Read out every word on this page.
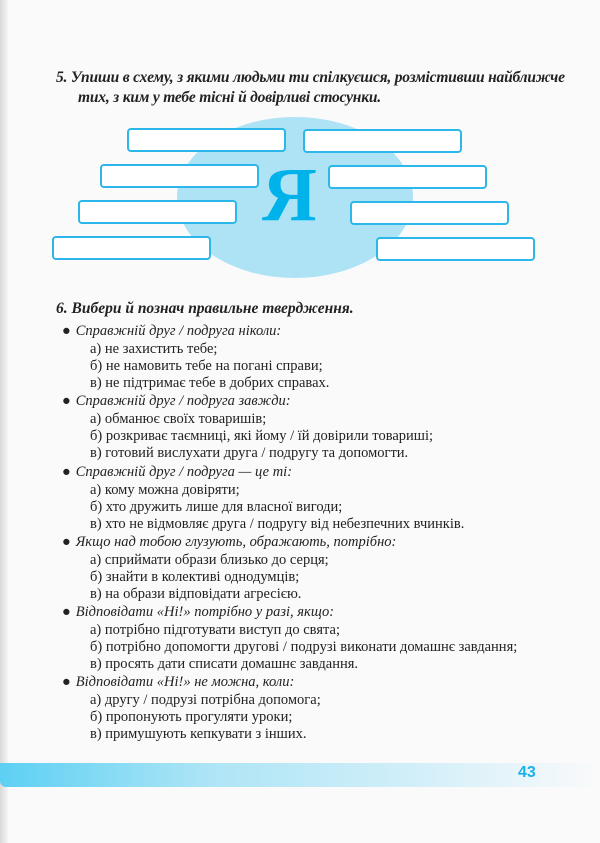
Я
5. Упиши в схему, з якими людьми ти спілкуєшся, розмістивши найближче
тих, з ким у тебе тісні й довірливі стосунки.
6. Вибери й познач правильне твердження.
● Справжній друг / подруга ніколи:
а) не захистить тебе;
б) не намовить тебе на погані справи;
в) не підтримає тебе в добрих справах.
● Справжній друг / подруга завжди:
а) обманює своїх товаришів;
б) розкриває таємниці, які йому / їй довірили товариші;
в) готовий вислухати друга / подругу та допомогти.
● Справжній друг / подруга — це ті:
а) кому можна довіряти;
б) хто дружить лише для власної вигоди;
в) хто не відмовляє друга / подругу від небезпечних вчинків.
● Якщо над тобою глузують, ображають, потрібно:
а) сприймати образи близько до серця;
б) знайти в колективі однодумців;
в) на образи відповідати агресією.
● Відповідати «Ні!» потрібно у разі, якщо:
а) потрібно підготувати виступ до свята;
б) потрібно допомогти другові / подрузі виконати домашнє завдання;
в) просять дати списати домашнє завдання.
● Відповідати «Ні!» не можна, коли:
а) другу / подрузі потрібна допомога;
б) пропонують прогуляти уроки;
в) примушують кепкувати з інших.
43
